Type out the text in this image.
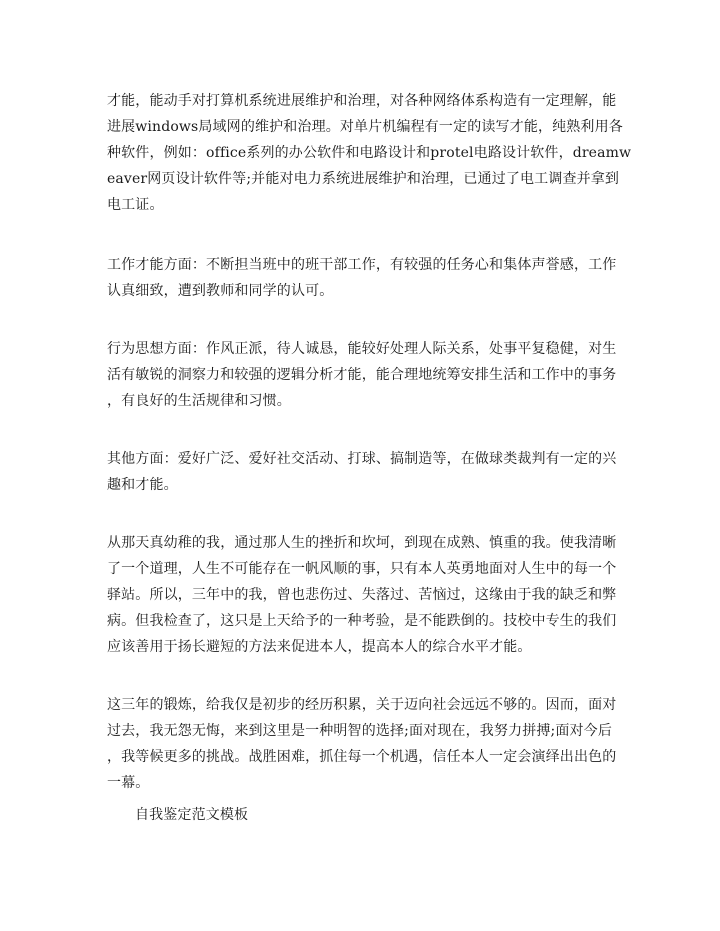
才能，能动手对打算机系统进展维护和治理，对各种网络体系构造有一定理解，能
进展windows局域网的维护和治理。对单片机编程有一定的读写才能，纯熟利用各
种软件，例如：office系列的办公软件和电路设计和protel电路设计软件，dreamw
eaver网页设计软件等;并能对电力系统进展维护和治理，已通过了电工调查并拿到
电工证。
工作才能方面：不断担当班中的班干部工作，有较强的任务心和集体声誉感，工作
认真细致，遭到教师和同学的认可。
行为思想方面：作风正派，待人诚恳，能较好处理人际关系，处事平复稳健，对生
活有敏锐的洞察力和较强的逻辑分析才能，能合理地统筹安排生活和工作中的事务
，有良好的生活规律和习惯。
其他方面：爱好广泛、爱好社交活动、打球、搞制造等，在做球类裁判有一定的兴
趣和才能。
从那天真幼稚的我，通过那人生的挫折和坎坷，到现在成熟、慎重的我。使我清晰
了一个道理，人生不可能存在一帆风顺的事，只有本人英勇地面对人生中的每一个
驿站。所以，三年中的我，曾也悲伤过、失落过、苦恼过，这缘由于我的缺乏和弊
病。但我检查了，这只是上天给予的一种考验，是不能跌倒的。技校中专生的我们
应该善用于扬长避短的方法来促进本人，提高本人的综合水平才能。
这三年的锻炼，给我仅是初步的经历积累，关于迈向社会远远不够的。因而，面对
过去，我无怨无悔，来到这里是一种明智的选择;面对现在，我努力拼搏;面对今后
，我等候更多的挑战。战胜困难，抓住每一个机遇，信任本人一定会演绎出出色的
一幕。
自我鉴定范文模板
